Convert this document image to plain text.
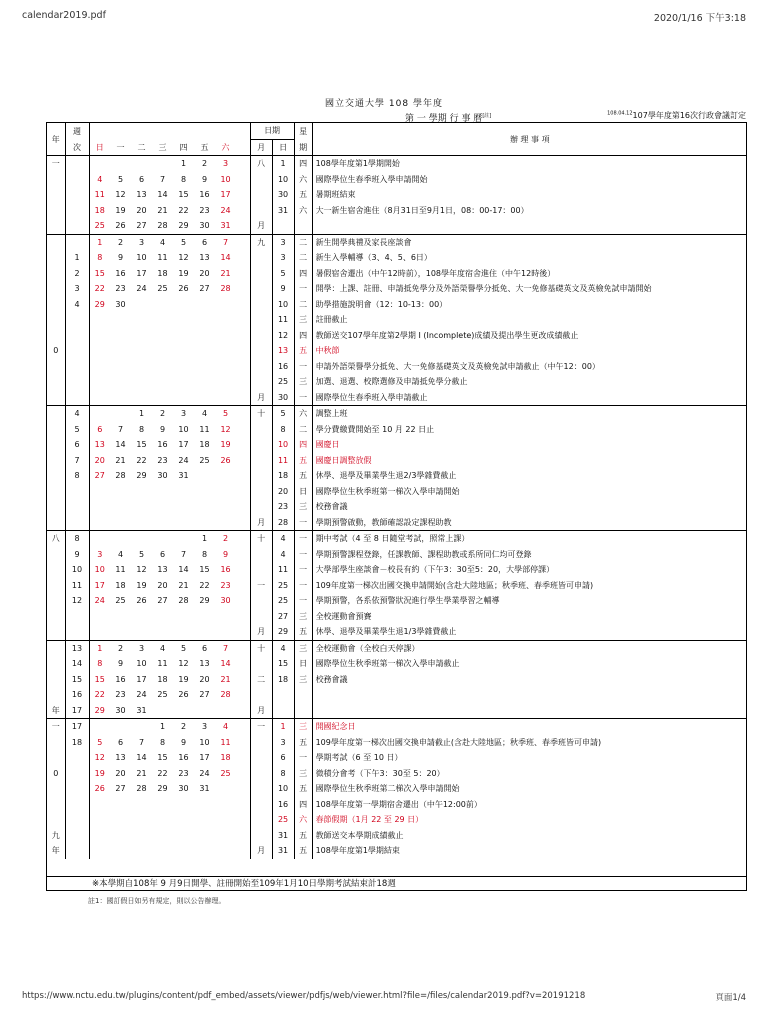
calendar2019.pdf	2020/1/16 下午3:18
國立交通大學 108 學年度
第 一 學期 行 事 曆[註]	$^{108.04.12}$107學年度第16次行政會議訂定
年	週									日期		星	辦 理 事 項
	次	日	一	二	三	四	五	六		月	日	期	
一						1	2	3		八	1	四	108學年度第1學期開始
		4	5	6	7	8	9	10			10	六	國際學位生春季班入學申請開始
		11	12	13	14	15	16	17			30	五	暑期班結束
		18	19	20	21	22	23	24			31	六	大一新生宿舍進住（8月31日至9月1日，08：00-17：00）
		25	26	27	28	29	30	31		月			
		1	2	3	4	5	6	7		九	3	二	新生開學典禮及家長座談會
	1	8	9	10	11	12	13	14			3	二	新生入學輔導（3、4、5、6日）
	2	15	16	17	18	19	20	21			5	四	暑假宿舍遷出（中午12時前），108學年度宿舍進住（中午12時後）
	3	22	23	24	25	26	27	28			9	一	開學：上課、註冊、申請抵免學分及外語榮譽學分抵免、大一免修基礎英文及英檢免試申請開始
	4	29	30								10	二	助學措施說明會（12：10-13：00）
											11	三	註冊截止
											12	四	教師送交107學年度第2學期 I (Incomplete)成績及提出學生更改成績截止
0											13	五	中秋節
											16	一	申請外語榮譽學分抵免、大一免修基礎英文及英檢免試申請截止（中午12：00）
											25	三	加選、退選、校際選修及申請抵免學分截止
										月	30	一	國際學位生春季班入學申請截止
	4			1	2	3	4	5		十	5	六	調整上班
	5	6	7	8	9	10	11	12			8	二	學分費繳費開始至 10 月 22 日止
	6	13	14	15	16	17	18	19			10	四	國慶日
	7	20	21	22	23	24	25	26			11	五	國慶日調整放假
	8	27	28	29	30	31					18	五	休學、退學及畢業學生退2/3學雜費截止
											20	日	國際學位生秋季班第一梯次入學申請開始
											23	三	校務會議
										月	28	一	學期預警啟動，教師確認設定課程助教
八	8						1	2		十	4	一	期中考試（4 至 8 日隨堂考試，照常上課）
	9	3	4	5	6	7	8	9			4	一	學期預警課程登錄，任課教師、課程助教或系所同仁均可登錄
	10	10	11	12	13	14	15	16			11	一	大學部學生座談會－校長有約（下午3：30至5：20，大學部停課）
	11	17	18	19	20	21	22	23		一	25	一	109年度第一梯次出國交換申請開始(含赴大陸地區；秋季班、春季班皆可申請)
	12	24	25	26	27	28	29	30			25	一	學期預警，各系依預警狀況進行學生學業學習之輔導
											27	三	全校運動會預賽
										月	29	五	休學、退學及畢業學生退1/3學雜費截止
	13	1	2	3	4	5	6	7		十	4	三	全校運動會（全校白天停課）
	14	8	9	10	11	12	13	14			15	日	國際學位生秋季班第一梯次入學申請截止
	15	15	16	17	18	19	20	21		二	18	三	校務會議
	16	22	23	24	25	26	27	28					
年	17	29	30	31						月			
一	17				1	2	3	4		一	1	三	開國紀念日
	18	5	6	7	8	9	10	11			3	五	109學年度第一梯次出國交換申請截止(含赴大陸地區；秋季班、春季班皆可申請)
		12	13	14	15	16	17	18			6	一	學期考試（6 至 10 日）
0		19	20	21	22	23	24	25			8	三	微積分會考（下午3：30至 5：20）
		26	27	28	29	30	31				10	五	國際學位生秋季班第二梯次入學申請開始
											16	四	108學年度第一學期宿舍遷出（中午12:00前）
											25	六	春節假期（1月 22 至 29 日）
九											31	五	教師送交本學期成績截止
年										月	31	五	108學年度第1學期結束
※本學期自108年 9 月9日開學、註冊開始至109年1月10日學期考試結束計18週
註1：國訂假日如另有規定，則以公告辦理。
https://www.nctu.edu.tw/plugins/content/pdf_embed/assets/viewer/pdfjs/web/viewer.html?file=/files/calendar2019.pdf?v=20191218	頁面1/4
